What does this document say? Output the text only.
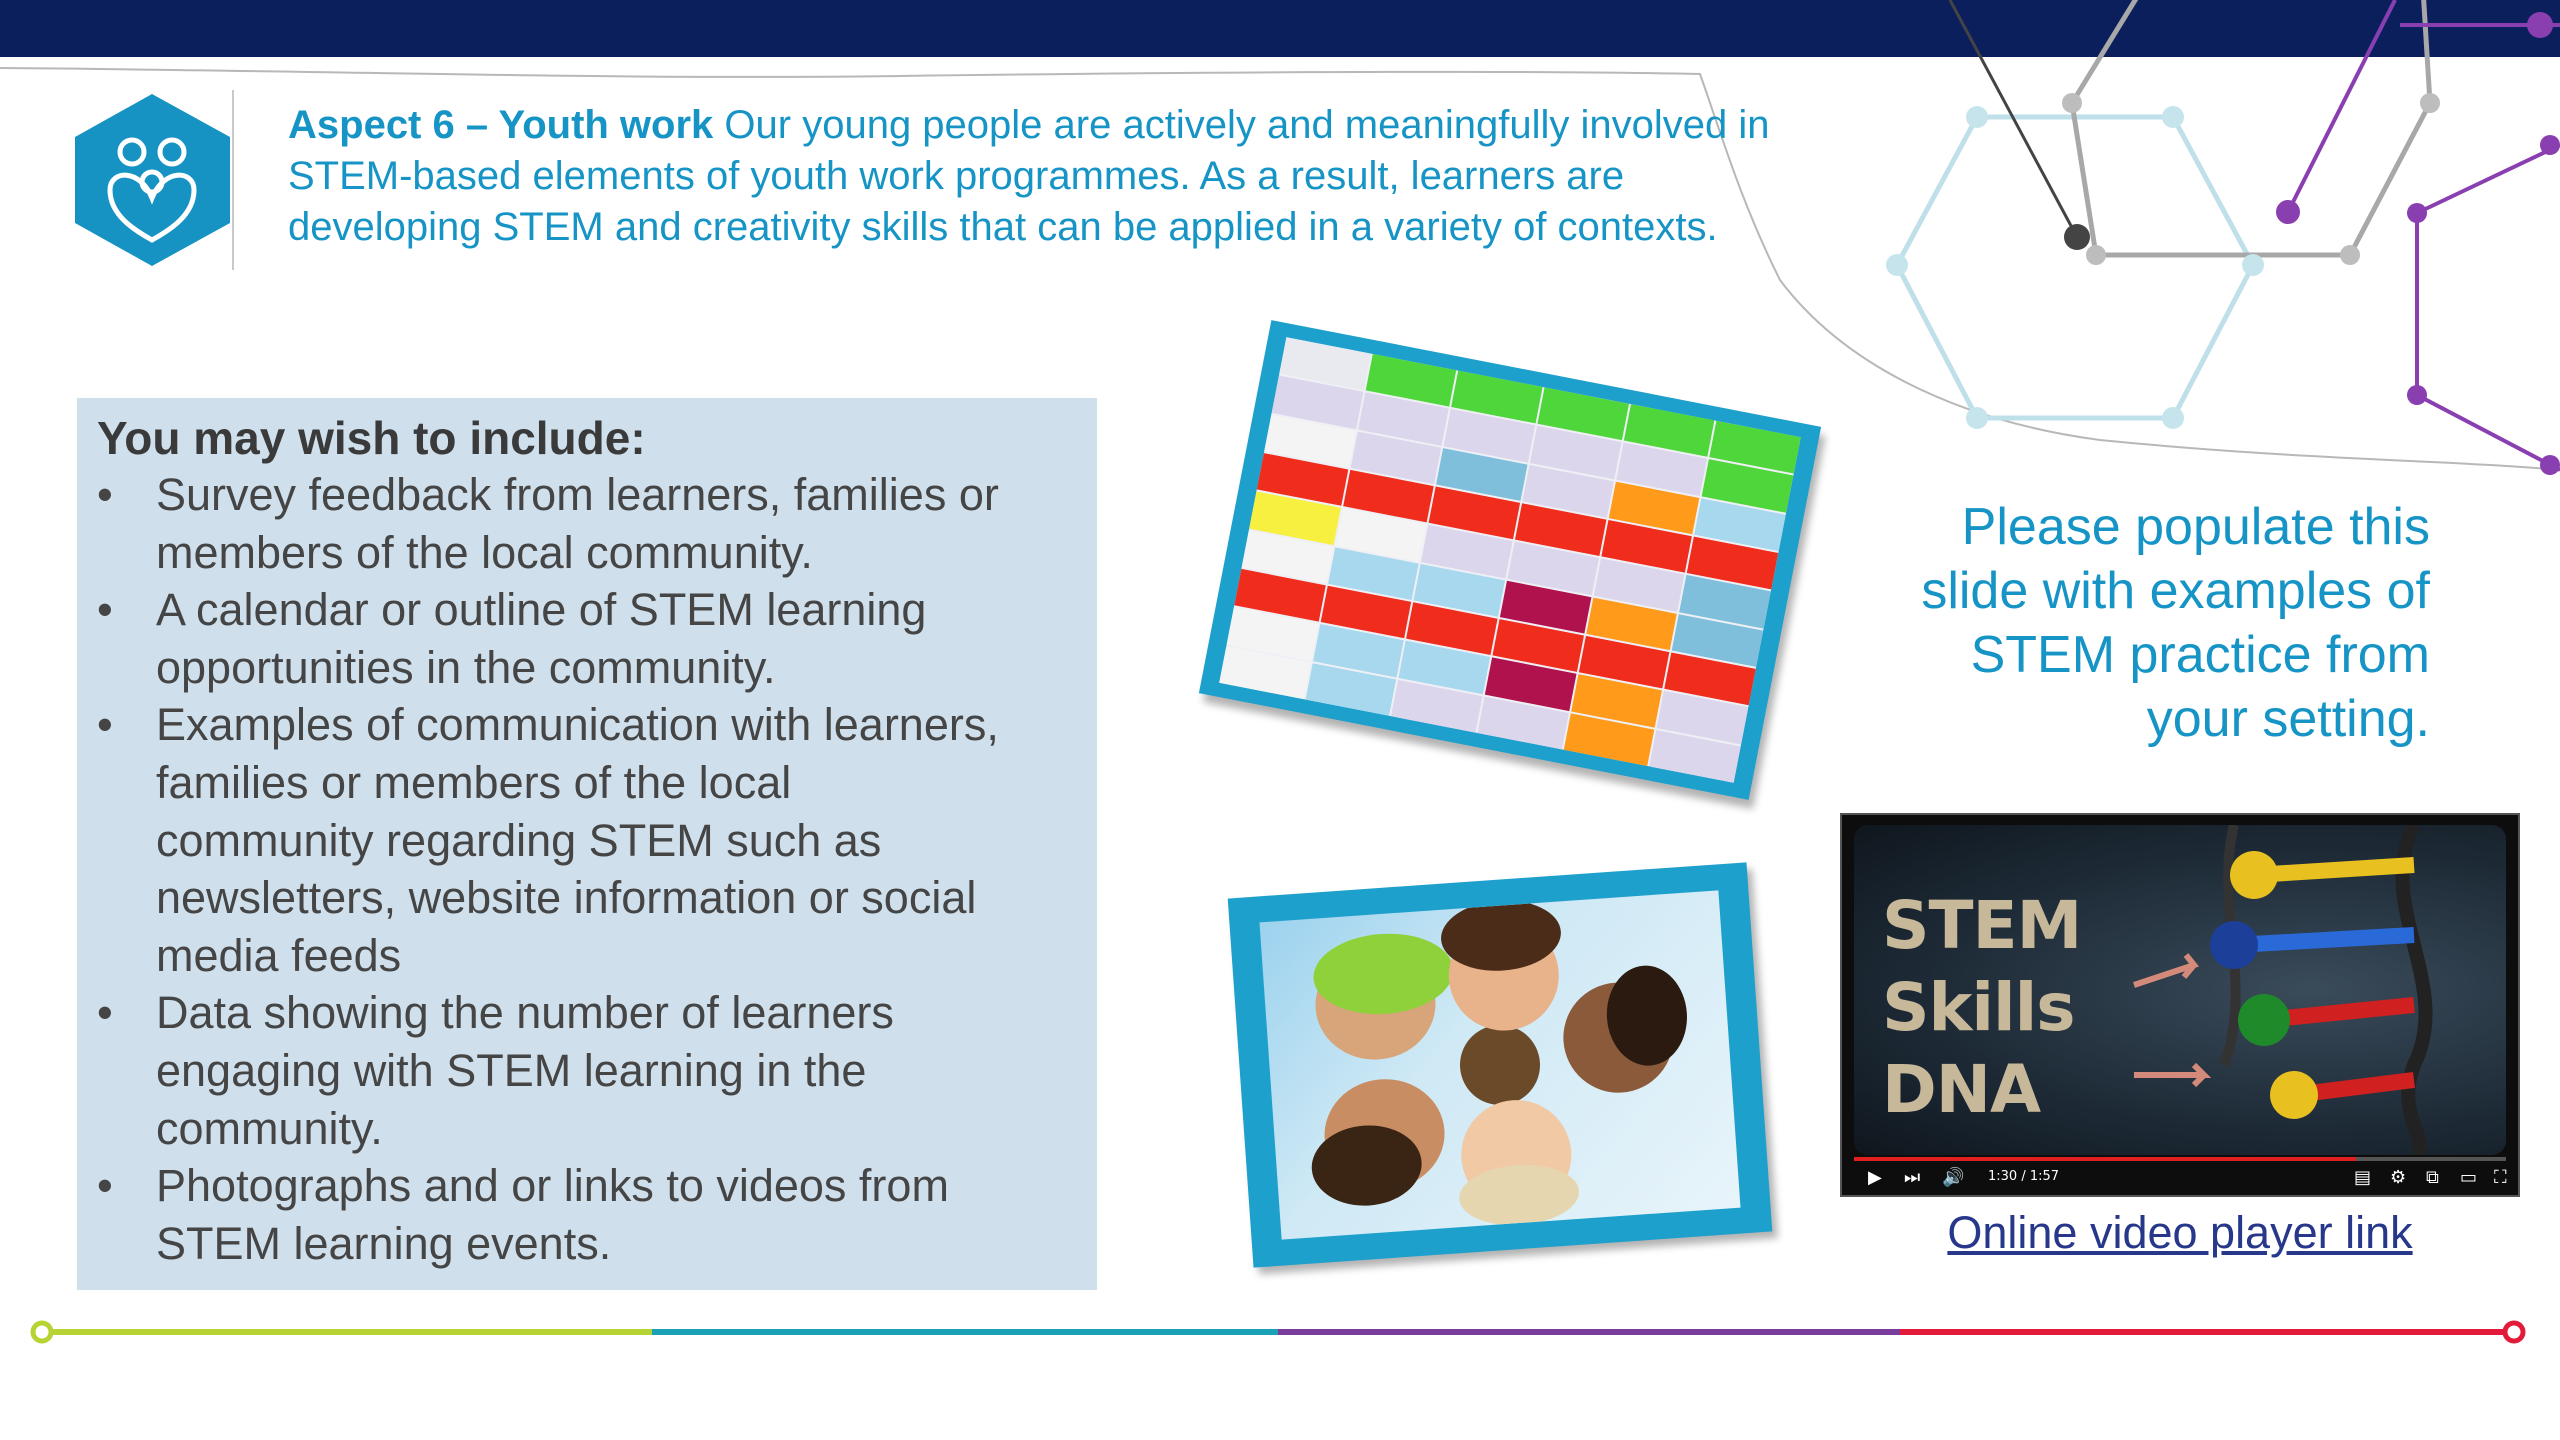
Aspect 6 – Youth work Our young people are actively and meaningfully involved in
STEM-based elements of youth work programmes. As a result, learners are
developing STEM and creativity skills that can be applied in a variety of contexts.
You may wish to include:
• Survey feedback from learners, families or
members of the local community.
• A calendar or outline of STEM learning
opportunities in the community.
• Examples of communication with learners,
families or members of the local
community regarding STEM such as
newsletters, website information or social
media feeds
• Data showing the number of learners
engaging with STEM learning in the
community.
• Photographs and or links to videos from
STEM learning events.
Please populate this
slide with examples of
STEM practice from
your setting.
STEM
Skills
DNA
▶ ⏭ 🔊 1:30 / 1:57	▤ ⚙ ⧉ ▭ ⛶
Online video player link
